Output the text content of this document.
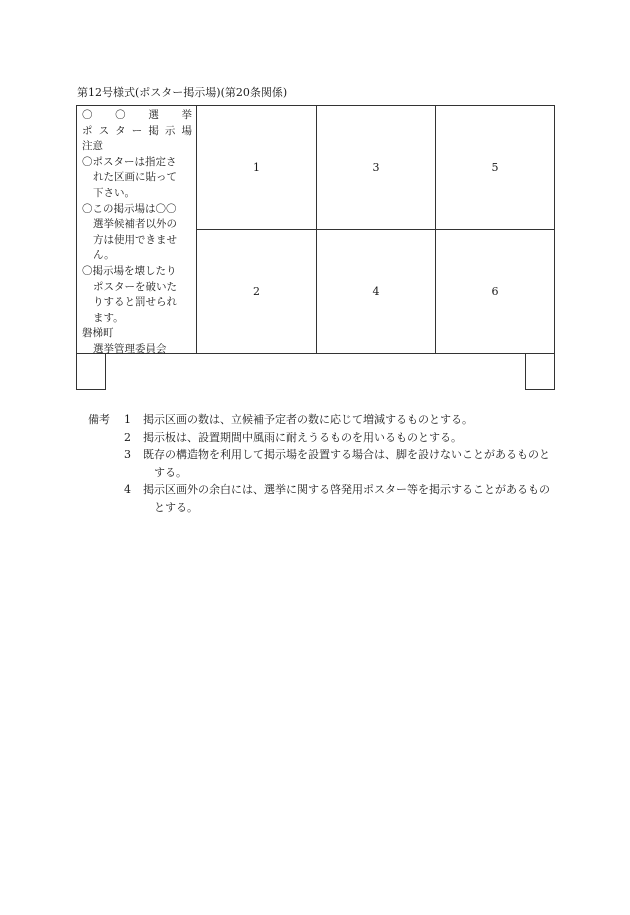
第12号様式(ポスター掲示場)(第20条関係)
〇 〇 選 挙
ポ ス タ ー 掲 示 場
注意
〇ポスターは指定さ
れた区画に貼って
下さい。
〇この掲示場は〇〇
選挙候補者以外の
方は使用できませ
ん。
〇掲示場を壊したり
ポスターを破いた
りすると罰せられ
ます。
磐梯町
選挙管理委員会
1	3	5
2	4	6
備考	1	掲示区画の数は、立候補予定者の数に応じて増減するものとする。
2	掲示板は、設置期間中風雨に耐えうるものを用いるものとする。
3	既存の構造物を利用して掲示場を設置する場合は、脚を設けないことがあるものとする。
4	掲示区画外の余白には、選挙に関する啓発用ポスター等を掲示することがあるものとする。
